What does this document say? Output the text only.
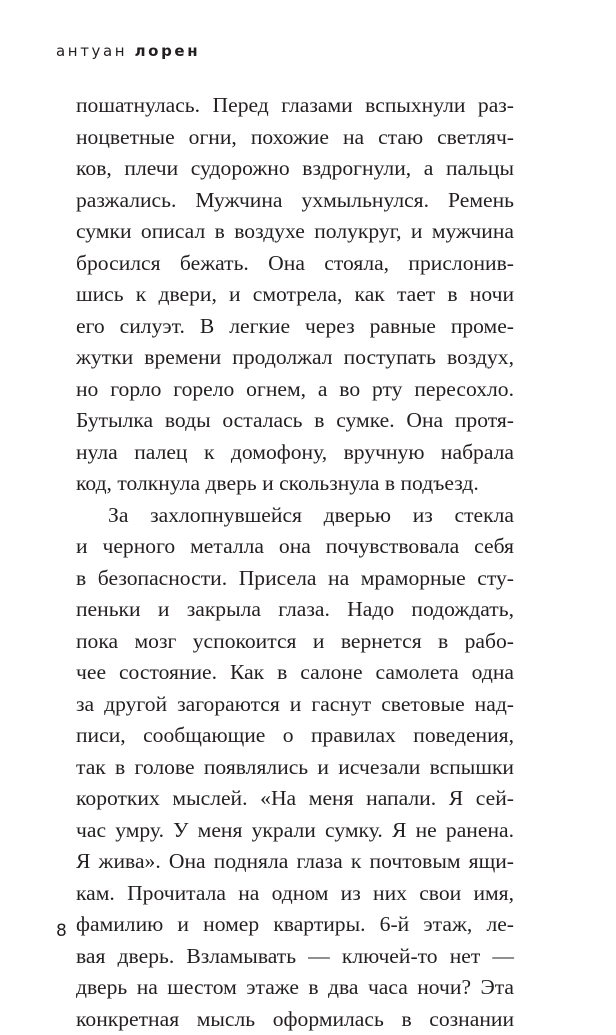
антуан лорен
пошатнулась. Перед глазами вспыхнули раз-
ноцветные огни, похожие на стаю светляч-
ков, плечи судорожно вздрогнули, а пальцы
разжались. Мужчина ухмыльнулся. Ремень
сумки описал в воздухе полукруг, и мужчина
бросился бежать. Она стояла, прислонив-
шись к двери, и смотрела, как тает в ночи
его силуэт. В легкие через равные проме-
жутки времени продолжал поступать воздух,
но горло горело огнем, а во рту пересохло.
Бутылка воды осталась в сумке. Она протя-
нула палец к домофону, вручную набрала
код, толкнула дверь и скользнула в подъезд.
За захлопнувшейся дверью из стекла
и черного металла она почувствовала себя
в безопасности. Присела на мраморные сту-
пеньки и закрыла глаза. Надо подождать,
пока мозг успокоится и вернется в рабо-
чее состояние. Как в салоне самолета одна
за другой загораются и гаснут световые над-
писи, сообщающие о правилах поведения,
так в голове появлялись и исчезали вспышки
коротких мыслей. «На меня напали. Я сей-
час умру. У меня украли сумку. Я не ранена.
Я жива». Она подняла глаза к почтовым ящи-
кам. Прочитала на одном из них свои имя,
фамилию и номер квартиры. 6-й этаж, ле-
вая дверь. Взламывать — ключей-то нет —
дверь на шестом этаже в два часа ночи? Эта
конкретная мысль оформилась в сознании
8
